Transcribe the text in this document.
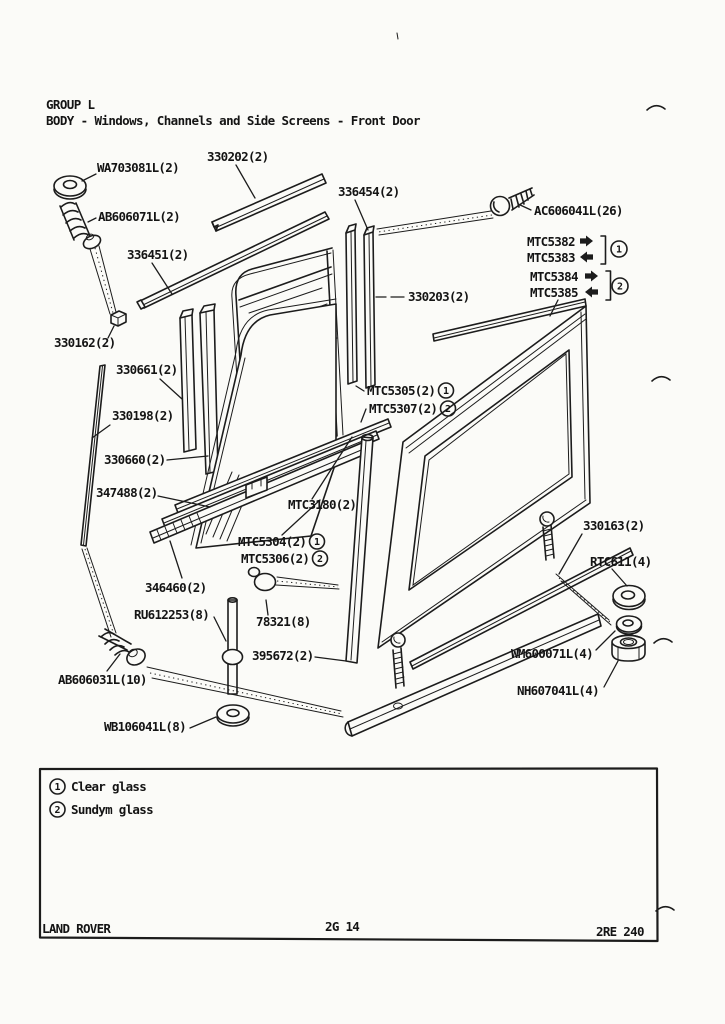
GROUP L
BODY - Windows, Channels and Side Screens - Front Door
WA703081L(2)
330202(2)
336454(2)
AC606041L(26)
MTC5382
MTC5383
MTC5384
MTC5385
AB606071L(2)
336451(2)
330203(2)
330162(2)
330661(2)
MTC5305(2)
MTC5307(2)
330198(2)
330660(2)
347488(2)
MTC3180(2)
MTC5304(2)
MTC5306(2)
330163(2)
RTC611(4)
346460(2)
RU612253(8)	78321(8)
395672(2)	WM600071L(4)
AB606031L(10)
NH607041L(4)
WB106041L(8)
1
2
1
2
1
2
1 Clear glass
2 Sundym glass
LAND ROVER	2G 14	2RE 240
